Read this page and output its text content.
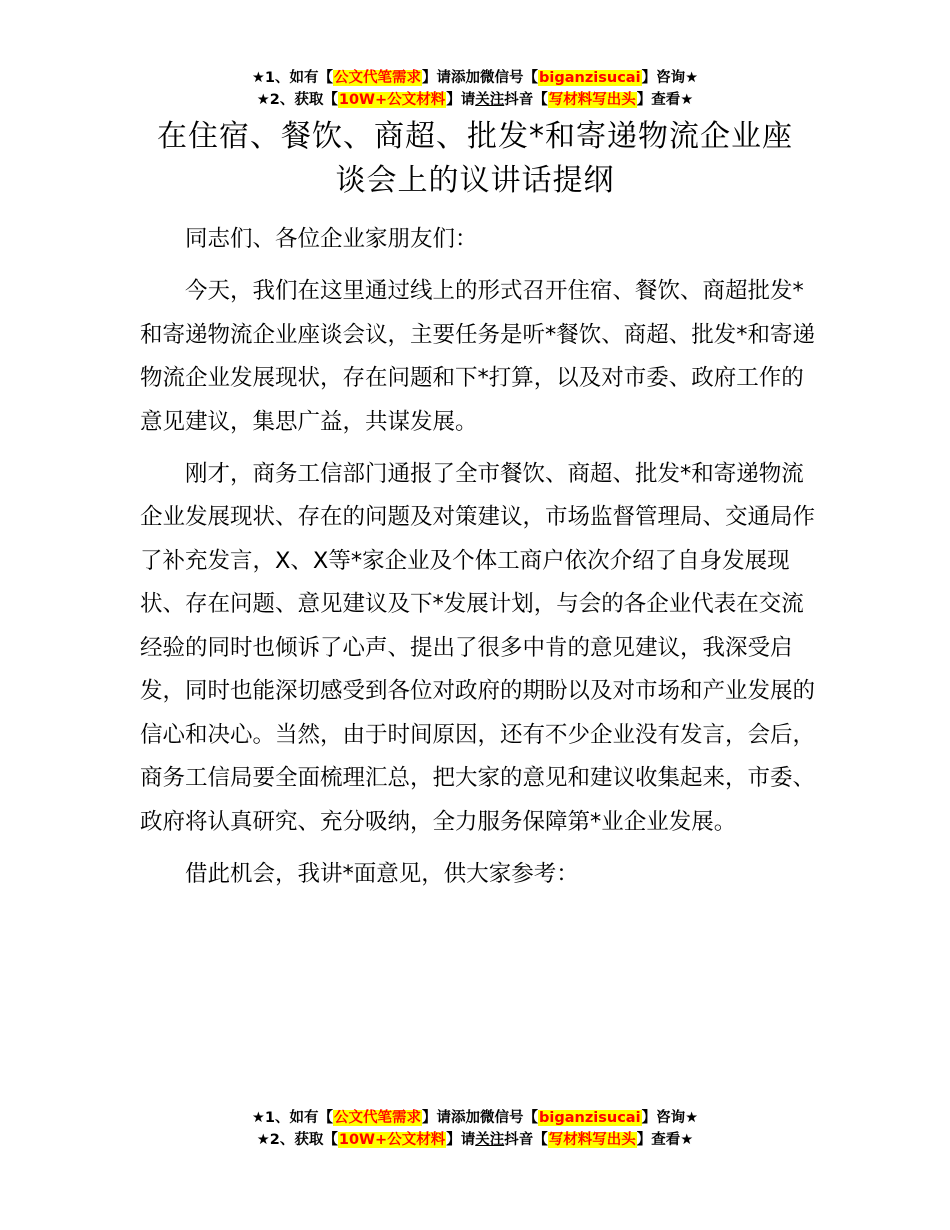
★1、如有【公文代笔需求】请添加微信号【biganzisucai】咨询★
★2、获取【10W+公文材料】请关注抖音【写材料写出头】查看★
在住宿、餐饮、商超、批发*和寄递物流企业座
谈会上的议讲话提纲

同志们、各位企业家朋友们：

今天，我们在这里通过线上的形式召开住宿、餐饮、商超批发*和寄递物流企业座谈会议，主要任务是听*餐饮、商超、批发*和寄递物流企业发展现状，存在问题和下*打算，以及对市委、政府工作的意见建议，集思广益，共谋发展。

刚才，商务工信部门通报了全市餐饮、商超、批发*和寄递物流企业发展现状、存在的问题及对策建议，市场监督管理局、交通局作了补充发言，X、X等*家企业及个体工商户依次介绍了自身发展现状、存在问题、意见建议及下*发展计划，与会的各企业代表在交流经验的同时也倾诉了心声、提出了很多中肯的意见建议，我深受启发，同时也能深切感受到各位对政府的期盼以及对市场和产业发展的信心和决心。当然，由于时间原因，还有不少企业没有发言，会后，商务工信局要全面梳理汇总，把大家的意见和建议收集起来，市委、政府将认真研究、充分吸纳，全力服务保障第*业企业发展。

借此机会，我讲*面意见，供大家参考：

★1、如有【公文代笔需求】请添加微信号【biganzisucai】咨询★
★2、获取【10W+公文材料】请关注抖音【写材料写出头】查看★
